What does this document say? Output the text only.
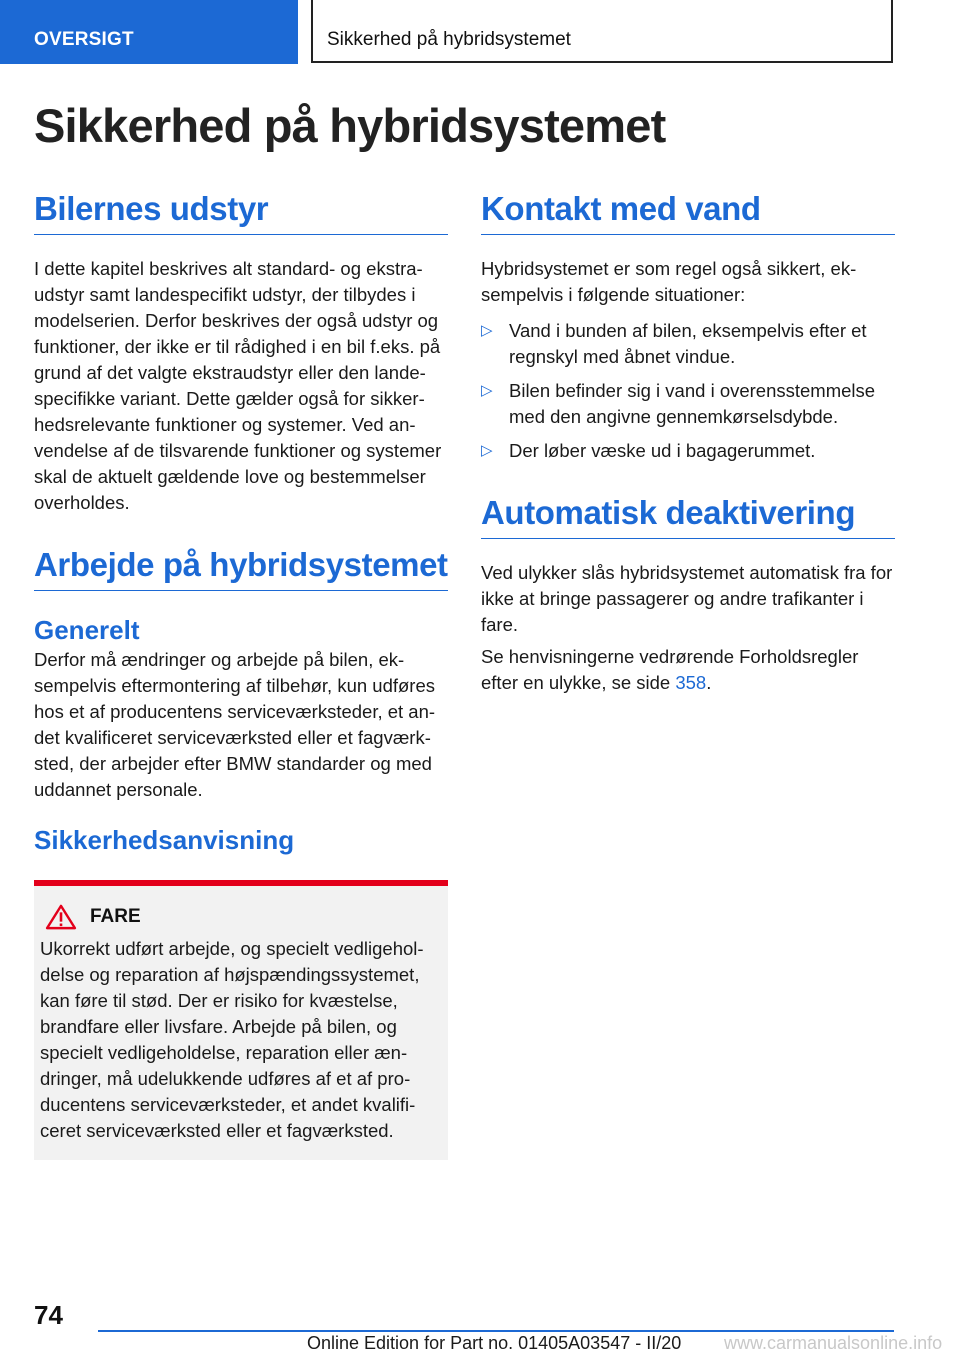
OVERSIGT	Sikkerhed på hybridsystemet
Sikkerhed på hybridsystemet
Bilernes udstyr

I dette kapitel beskrives alt standard- og ekstraudstyr samt landespecifikt udstyr, der tilbydes i modelserien. Derfor beskrives der også udstyr og funktioner, der ikke er til rådighed i en bil f.eks. på grund af det valgte ekstraudstyr eller den landespecifikke variant. Dette gælder også for sikkerhedsrelevante funktioner og systemer. Ved anvendelse af de tilsvarende funktioner og systemer skal de aktuelt gældende love og bestemmelser overholdes.

Arbejde på hybridsystemet
Generelt

Derfor må ændringer og arbejde på bilen, eksempelvis eftermontering af tilbehør, kun udføres hos et af producentens serviceværksteder, et andet kvalificeret serviceværksted eller et fagværksted, der arbejder efter BMW standarder og med uddannet personale.

Sikkerhedsanvisning
FARE

Ukorrekt udført arbejde, og specielt vedligeholdelse og reparation af højspændingssystemet, kan føre til stød. Der er risiko for kvæstelse, brandfare eller livsfare. Arbejde på bilen, og specielt vedligeholdelse, reparation eller ændringer, må udelukkende udføres af et af producentens serviceværksteder, et andet kvalificeret serviceværksted eller et fagværksted.

Kontakt med vand

Hybridsystemet er som regel også sikkert, eksempelvis i følgende situationer:

▷ Vand i bunden af bilen, eksempelvis efter et regnskyl med åbnet vindue.
▷ Bilen befinder sig i vand i overensstemmelse med den angivne gennemkørselsdybde.
▷ Der løber væske ud i bagagerummet.
Automatisk deaktivering

Ved ulykker slås hybridsystemet automatisk fra for ikke at bringe passagerer og andre trafikanter i fare.

Se henvisningerne vedrørende Forholdsregler efter en ulykke, se side 358.

74
Online Edition for Part no. 01405A03547 - II/20 www.carmanualsonline.info
